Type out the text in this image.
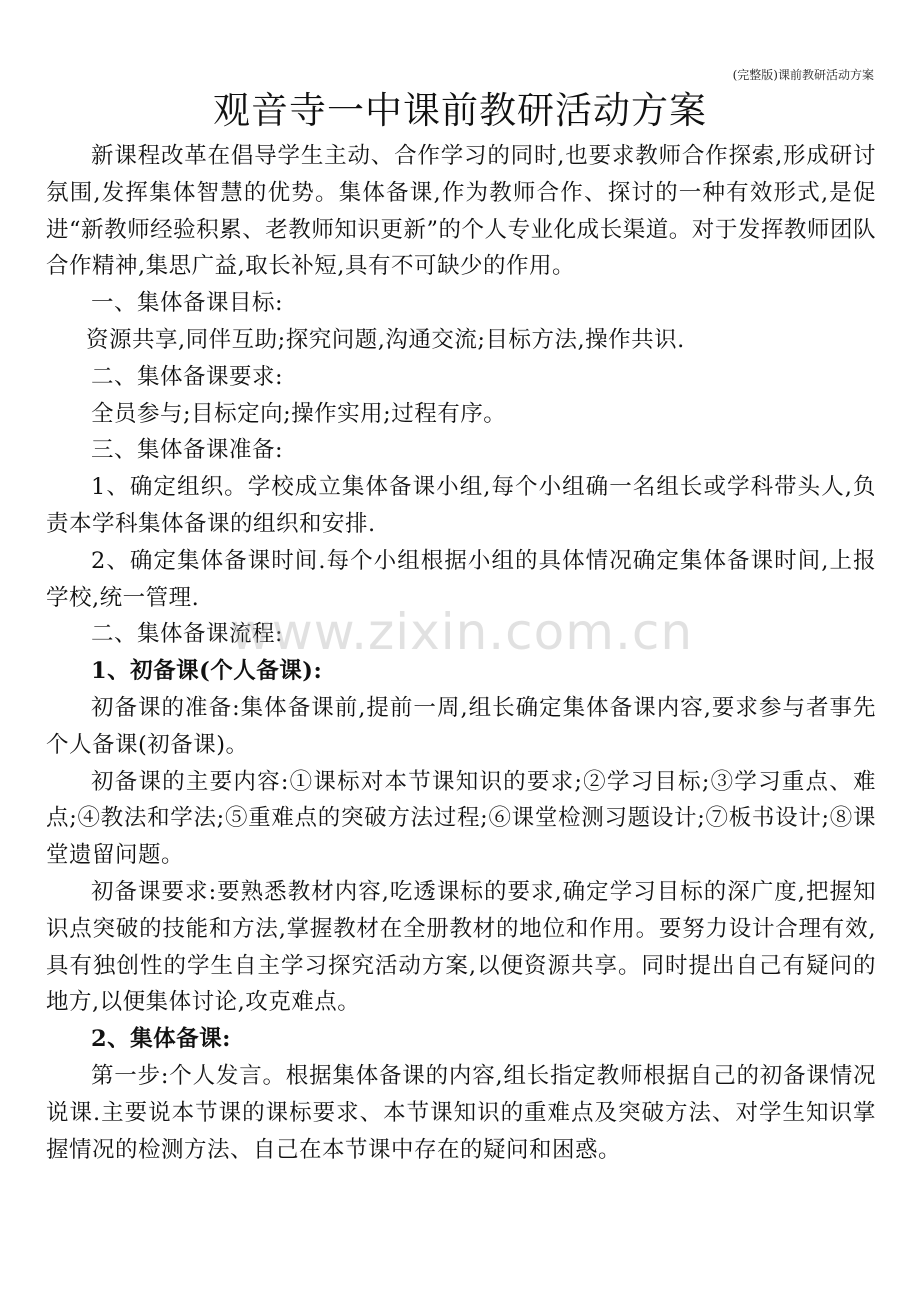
(完整版)课前教研活动方案
观音寺一中课前教研活动方案

新课程改革在倡导学生主动、合作学习的同时,也要求教师合作探索,形成研讨氛围,发挥集体智慧的优势。集体备课,作为教师合作、探讨的一种有效形式,是促进“新教师经验积累、老教师知识更新”的个人专业化成长渠道。对于发挥教师团队合作精神,集思广益,取长补短,具有不可缺少的作用。

一、集体备课目标:

资源共享,同伴互助;探究问题,沟通交流;目标方法,操作共识.

二、集体备课要求:

全员参与;目标定向;操作实用;过程有序。

三、集体备课准备:

1、确定组织。学校成立集体备课小组,每个小组确一名组长或学科带头人,负责本学科集体备课的组织和安排.

2、确定集体备课时间.每个小组根据小组的具体情况确定集体备课时间,上报学校,统一管理.

二、集体备课流程:

1、初备课(个人备课):

初备课的准备:集体备课前,提前一周,组长确定集体备课内容,要求参与者事先个人备课(初备课)。

初备课的主要内容:①课标对本节课知识的要求;②学习目标;③学习重点、难点;④教法和学法;⑤重难点的突破方法过程;⑥课堂检测习题设计;⑦板书设计;⑧课堂遗留问题。

初备课要求:要熟悉教材内容,吃透课标的要求,确定学习目标的深广度,把握知识点突破的技能和方法,掌握教材在全册教材的地位和作用。要努力设计合理有效,具有独创性的学生自主学习探究活动方案,以便资源共享。同时提出自己有疑问的地方,以便集体讨论,攻克难点。

2、集体备课:

第一步:个人发言。根据集体备课的内容,组长指定教师根据自己的初备课情况说课.主要说本节课的课标要求、本节课知识的重难点及突破方法、对学生知识掌握情况的检测方法、自己在本节课中存在的疑问和困惑。

www.zixin.com.cn
